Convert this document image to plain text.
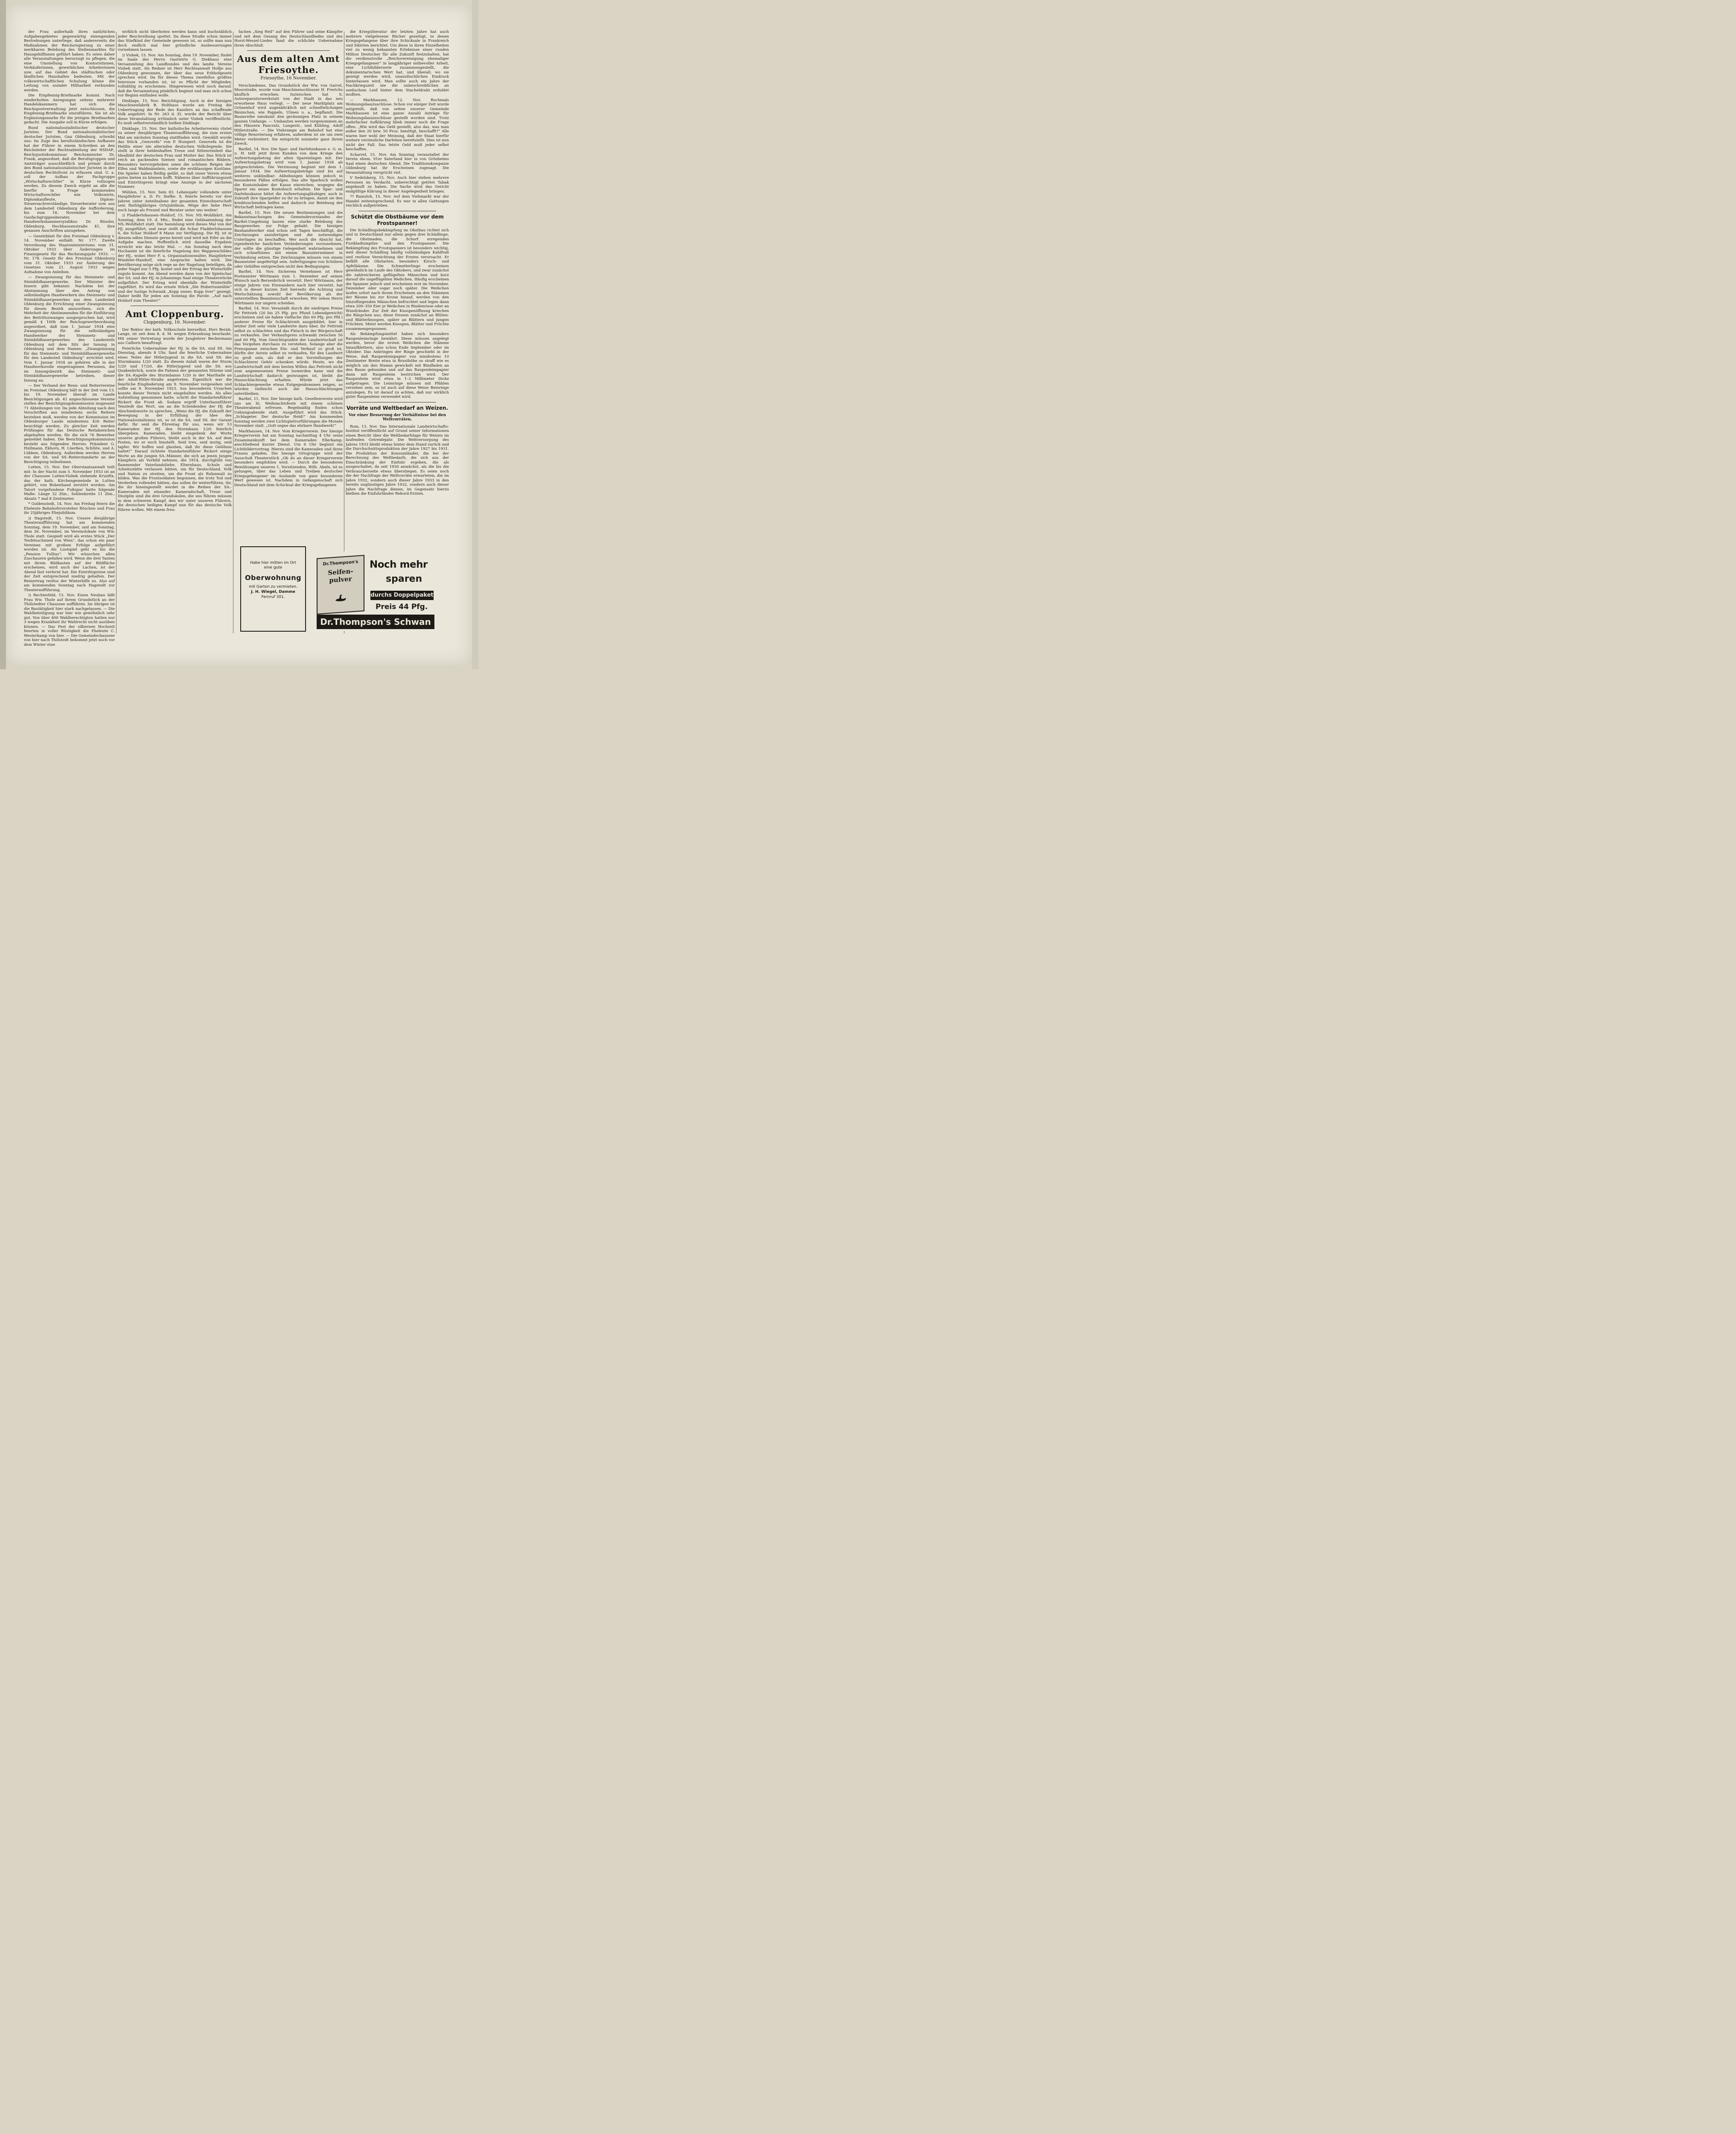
der Frau außerhalb ihres natürlichen Aufgabengebietes gegenwärtig einengenden Bestrebungen unterliege, daß andererseits die Maßnahmen der Reichsregierung zu einer merkbaren Belebung des Stellenmarktes für Hausgehilfinnen geführt haben. Es seien daher alle Veranstaltungen bevorzugt zu pflegen, die eine Umstellung von Kontoristinnen, Verkäuferinnen, gewerblichen Arbeiterinnen usw. auf das Gebiet des städtischen oder ländlichen Haushaltes bedeuten. Mit der volkswirtschaftlichen Schulung könne die Leitung von sozialer Hilfsarbeit verbunden werden.

Die Einpfennig-Briefmarke kommt. Nach wiederholten Anregungen seitens mehrerer Handelskammern hat sich die Reichspostverwaltung jetzt entschlossen, die Einpfennig-Briefmarke einzuführen. Sie ist als Ergänzungsmarke für die jetzigen Briefmarken gedacht. Die Ausgabe soll in Kürze erfolgen.

Bund nationalsozialistischer deutscher Juristen. Der Bund nationalsozialistischer deutscher Juristen, Gau Oldenburg, schreibt uns: Im Zuge des berufsständischen Aufbaues hat der Führer in einem Schreiben an den Reichsleiter der Rechtsabteilung der NSDAP., Reichsjustizkommissar Reichsminister Dr. Frank, angeordnet, daß die Berufsgruppen und Amtsträger ausschließlich und primär durch den Bund nationalsozialistischer Juristen in der deutschen Rechtsfront zu erfassen sind. U. a. soll der Aufbau der Fachgruppe „Wirtschaftsrechtler“ in Kürze vollzogen werden. Zu diesem Zweck ergeht an alle die hierfür in Frage kommenden Wirtschaftsrechtler wie Volkswirte, Diplomkaufleute, Diplom-Steuersachverständige, Steuerberater usw. aus dem Landesteil Oldenburg die Aufforderung, bis zum 16. November bei dem Gaufachgruppenberater, Handwerkskammersyndikus Dr. Rössler, Oldenburg, Hochhausenstraße 41, ihre genauen Anschriften anzugeben.

— Gesetzblatt für den Freistaat Oldenburg v. 14. November enthält: Nr. 177. Zweite Verordnung des Staatsministeriums vom 31. Oktober 1933 über Änderungen im Finanzgesetz für das Rechnungsjahr 1933. — Nr. 178. Gesetz für den Freistaat Oldenburg vom 31. Oktober 1933 zur Änderung des Gesetzes vom 21. August 1933 wegen Aufnahme von Anleihen.

— Zwangsinnung für das Steinmetz- und Steinbildhauergewerbe. Der Minister des Innern gibt bekannt: Nachdem bei der Abstimmung über den Antrag von selbständigen Handwerkern des Steinmetz- und Steinbildhauergewerbes aus dem Landesteil Oldenburg die Errichtung einer Zwangsinnung für diesen Bezirk anzuordnen, sich die Mehrheit der Abstimmenden für die Einführung des Beitrittszwanges ausgesprochen hat, wird gemäß § 100b der Reichsgewerbeordnung angeordnet, daß zum 1. Januar 1934 eine Zwangsinnung für die selbständigen Handwerker des Steinmetz- und Steinbildhauergewerbes des Landesteils Oldenburg mit dem Sitz der Innung in Oldenburg und dem Namen: „Zwangsinnung für das Steinmetz- und Steinbildhauergewerbe für den Landesteil Oldenburg“ errichtet wird. Vom 1. Januar 1934 an gehören alle in der Handwerksrolle eingetragenen Personen, die im Innungsbezirk das Steinmetz- und Steinbildhauergewerbe betreiben, dieser Innung an.

— Der Verband der Renn- und Reitervereine im Freistaat Oldenburg hält in der Zeit vom 13. bis 19. November überall im Lande Besichtigungen ab. 41 angeschlossene Vereine stellen der Besichtigungskommission insgesamt 71 Abteilungen vor. Da jede Abteilung nach den Vorschriften aus mindestens sechs Reitern bestehen muß, werden von der Kommission im Oldenburger Lande mindestens 426 Reiter besichtigt werden. Zu gleicher Zeit werden Prüfungen für das Deutsche Reitabzeichen abgehalten werden, für die sich 76 Bewerber gemeldet haben. Die Besichtigungskommission besteht aus folgenden Herren: Präsident G. Hullmann, Ekhorn, H. Lüerßen, Schlüte, und A. Lübben, Oldenburg. Außerdem werden Herren von der SA. und SS.-Reiterstandarte an der Besichtigung teilnehmen.

Lutten, 15. Nov. Der Oberstaatsanwalt teilt mit: In der Nacht zum 5. November 1933 ist an der Chaussee Lutten-Visbek stehende Kruzifix, das der kath. Kirchengemeinde in Lutten gehört, von Bubenhand zerstört worden. Am Tatort vorgefundene Fußspur hatte folgende Maße: Länge 32 Ztm., Sohlenbreite 11 Ztm., Absatz 7 mal 8 Zentimeter.

* Goldenstedt, 14. Nov. Am Freitag feiern die Eheleute Bahnhofsvorsteher Röschen und Frau ihr 25jähriges Ehejubiläum.

)) Hagstedt, 15. Nov. Unsere diesjährige Theateraufführung hat am kommenden Sonntag, dem 19. November, und am Sonntag, dem 26. November, im Vereinslokale von Ww. Thole statt. Gespielt wird als erstes Stück „Der Teufelsschmied von Wien“, das schon ein paar Vereinen mit großem Erfolge aufgeführt worden ist. Als Lustspiel geht es bis die „Pension Tullius“. Wir wünschen allen Zuschauern gefallen wird. Wenn die drei Tanten mit ihrem Bildkasten auf der Bildfläche erscheinen, wird auch der Lachen, ist der Abend fast verlernt hat. Die Eintrittspreise sind der Zeit entsprechend niedrig gehalten. Der Reinertrag restlos der Winterhilfe zu. Also auf am kommenden Sonntag nach Hagstedt zur Theateraufführung.

)) Rechterfeld, 15. Nov. Einen Neubau läßt Frau Ww. Thole auf ihrem Grundstück an der Thölstedter Chaussee aufführen. Im übrigen ist die Bautätigkeit hier stark nachgelassen. — Die Wahlbeteiligung war hier wie gewöhnlich sehr gut. Von über 400 Wahlberechtigten hatten nur 3 wegen Krankheit ihr Wahlrecht nicht ausüben können. — Das Fest der silbernen Hochzeit feierten in voller Rüstigkeit die Eheleute C. Westerkamp von hier. — Die Gemeindechaussee von hier nach Thölstedt bekommt jetzt noch vor dem Winter eine

wirklich nicht überboten werden kann und buchstäblich jeder Beschreibung spottet. Da diese Straße schon immer das Stiefkind der Gemeinde gewesen ist, so sollte man nun doch endlich mal hier gründliche Ausbesserungen vornehmen lassen.

)) Visbek, 15. Nov. Am Sonntag, dem 19. November, findet im Saale des Herrn Gastwirts G. Diekhaus eine Versammlung des Landbundes und des landw. Vereins Visbek statt. Als Redner ist Herr Rechtsanwalt Hollje aus Oldenburg gewonnen, der über das neue Erbhofgesetz sprechen wird. Da für dieses Thema zweifellos größtes Interesse vorhanden ist, ist es Pflicht der Mitglieder, vollzählig zu erscheinen. Hingewiesen wird noch darauf, daß die Versammlung pünktlich beginnt und man sich schon vor Beginn einfinden wolle.

Dinklage, 15. Nov. Berichtigung. Auch in der hiesigen Maschinenfabrik B. Holthaus wurde am Freitag die Uebertragung der Rede des Kanzlers an das schaffende Volk angehört. In Nr. 263 d. Zt. wurde der Bericht über diese Veranstaltung irrtümlich unter Visbek veröffentlicht. Es muß selbstverständlich heißen Dinklage.

Dinklage, 15. Nov. Der katholische Arbeiterverein rüstet zu seiner diesjährigen Theateraufführung, die zum ersten Mal am nächsten Sonntag stattfinden wird. Gewählt wurde das Stück „Genovefa“ von P. Humpert. Genovefa ist die Heldin einer nie alternden deutschen Volkslegende. Sie stellt in ihrer heldenhaften Treue und Sittenreinheit das Idealbild der deutschen Frau und Mutter dar. Das Stück ist reich an packenden Szenen und romantischen Bildern. Besonders hervorgehoben seien die schönen Reigen der Elfen und Waldmännlein, sowie die erstklassigen Kostüme. Die Spieler haben fleißig geübt, so daß unser Verein etwas gutes bieten zu können hofft. Näheres über Aufführungszeit und Eintrittspreis bringt eine Anzeige in der nächsten Nummer.

Mühlen, 15. Nov. Sein 83. Lebensjahr vollendete unter Hauptlehrer a. D. Fr. Siefke. S. feierte bereits vor drei Jahren unter Anteilnahme der gesamten Einwohnerschaft sein fünfzigjähriges Ortsjubiläum. Möge der liebe Herr noch lange als Freund und Berater unter uns weilen!

)) Fladderlohausen–Holdorf, 15. Nov. NS.-Wohlfahrt. Am Sonntag, dem 19. d. Mts., findet eine Geldsammlung der NS.-Wohlfahrt statt. Die Sammlung wird dieses Mal von der HJ. ausgeführt, und zwar stellt die Schar Fladderlohausen 6, die Schar Holdorf 8 Mann zur Verfügung. Die HJ. ist in diesem edlen Dienste gerne bereit und wird mit Eifer an die Aufgabe machen. Hoffentlich wird dasselbe Ergebnis erreicht wie das letzte Mal. — Am Sonntag nach dem Hochamte ist die feierliche Nagelung des Wappenschildes der HJ., wobei Herr F. u. Organisationswalter, Hauptlehrer Windeler-Handorf, eine Ansprache halten wird. Die Bevölkerung möge sich rege an der Nagelung beteiligen, da jeder Nagel nur 5 Pfg. kostet und der Ertrag der Winterhilfe zugute kommt. Am Abend werden dann von der Spielschar der SA. und der HJ. in Johannings Saal einige Theaterstücke aufgeführt. Der Ertrag wird ebenfalls der Winterhilfe zugeführt. Es wird das ernste Stück „Die Hubertusmühle“ und der lustige Schwank „Kopp unner, Kopp över“ gezeigt. Daher heißt für jeden am Sonntag die Parole: „Auf nach Holdorf zum Theater!“

Amt Cloppenburg.
Cloppenburg, 16. November.

Der Rektor der kath. Volksschule hierselbst, Herr Bernh. Lange, ist seit dem 8. d. M. wegen Erkrankung beurlaubt. Mit seiner Vertretung wurde der Junglehrer Beckermann aus Calhorn beauftragt.

Feierliche Uebernahme der HJ. in die SA. und SS. Am Dienstag, abends 8 Uhr, fand die feierliche Uebernahme eines Teiles der Hitlerjugend in die SA. und SS. des Sturmbanns 1/20 statt. Zu diesem Anlaß waren der Sturm 1/20 und 17/20, die Hitlerjugend und die SS. aus Quakenbrück, sowie die Fahnen der genannten Stürme und die SA.-Kapelle des Sturmbanns 1/20 in der Marthalle an der Adolf-Hitler-Straße angetreten. Eigentlich war die feierliche Eingliederung am 9. November vorgesehen und sollte am 9. November 1923. Aus besonderen Ursachen konnte dieser Termin nicht eingehalten werden. Als alles Aufstellung genommen hatte, schritt der Standartenführer Rickert die Front ab. Sodann ergriff Unterbannführer Tenstedt das Wort, um an die Scheidenden der HJ. die Abschiedsworte zu sprechen. „Wenn die HJ. die Zukunft der Bewegung in der Erfüllung der Idee des Nationalsozialismus ist, so ist die SA. und SS. der Garant dafür. Ihr seid die Ehrentag für uns, wenn wir 53 Kameraden der HJ. den Sturmbann 1/20 feierlich übergeben. Kameraden, bleibt eingedenk der Worte unseres großen Führers, bleibt auch in der SA. auf dem Posten, wo er euch hinstellt. Seid treu, seid mutig, seid tapfer. Wir hoffen und glauben, daß ihr diese Gelöbnis haltet!“ Darauf richtete Standartenführer Rickert einige Worte an die jungen SA.-Männer, die sich an jenen jungen Kämpfern als Vorbild nehmen, die 1914, durchglüht von flammender Vaterlandsliebe, Elternhaus, Schule und Arbeitsstätte verlassen hätten, um für Deutschland, Volk und Nation zu streiten, um die Front als Ruhmwall zu bilden. Was die Frontsoldaten begonnen, die trotz Tod und Verderben vollendet hätten, das sollen ihr weiterführen, ihr, die ihr hineingestellt werdet in die Reihen der SA.-Kameraden mit einander. Kameradschaft, Treue und Disziplin sind die drei Grundsäulen, die uns führen müssen in dem schweren Kampf, den wir unter unseren Führern, die deutschen heiligen Kampf nun für das deutsche Volk führen wollen. Mit einem freu-

fachen „Sieg Heil“ auf den Führer und seine Kämpfer und mit dem Gesang des Deutschlandliedes und des Horst-Wessel-Liedes fand die schlichte Uebernahme ihren Abschluß.

Aus dem alten Amt Friesoythe.
Friesoythe, 16 November.

Verschiedenes. Das Grundstück der Ww. von Garrel, Moorstraße, wurde vom Maschinenschlosser H. Frerichs käuflich erworben. Inzwischen hat S. Autoreparaturwerkstatt von der Stadt in das neu erworbene Haus verlegt. — Der neue Marktplatz am Grünenhof wird augenblicklich mit schnellwüchsigen Bäumchen, wie Pappeln, Ulmen u. a., bepflanzt. Die Baumreihe umsäumt den geräumigen Platz in seinem ganzen Umfange. — Umbauten werden vorgenommen an den Häusern Pancratz, Langestr., und Kühling, Adolf Hitlerstraße. — Die Viehrampe am Bahnhof hat eine völlige Renovierung erfahren, außerdem ist sie um zwei Meter verbreitert. Sie entspricht nunmehr ganz ihrem Zweck.

Barßel, 14. Nov. Die Spar- und Darlehnskasse e. G. m. u. H. teilt jetzt ihren Kunden von dem Kriege den Aufwertungsbetrag der alten Spareinlagen mit. Der Aufwertungsbetrag wird vom 1. Januar 1934 ab gutgeschrieben. Die Verzinsung beginnt mit dem 1. Januar 1934. Die Aufwertungsbeträge sind bis auf weiteres unkündbar; Abhebungen können jedoch in besonderen Fällen erfolgen. Das alte Sparbuch wollen die Kontoinhaber der Kasse einreichen, wogegen die Sparer ein neues Kontobuch erhalten. Die Spar- und Darlehnskasse bittet die Aufwertungsgläubiger, auch in Zukunft ihre Spargelder zu ihr zu bringen, damit sie den kreditsuchenden helfen und dadurch zur Belebung der Wirtschaft beitragen kann.

Barßel, 15. Nov. Die neuen Bestimmungen und die Bekanntmachungen des Gemeindevorstandes der Barßel-Umgebung lassen eine starke Belebung des Baugewerbes zur Folge gehabt. Die hiesigen Bauhandwerker sind schon seit Tagen beschäftigt, die Zeichnungen anzufertigen und die notwendigen Unterlagen zu beschaffen. Wer noch die Absicht hat, irgendwelche baulichen Veränderungen vorzunehmen, der sollte die günstige Gelegenheit wahrnehmen und sich schnellstens mit einem Bauunternehmer in Verbindung setzen. Die Zeichnungen müssen von einem Baumeister angefertigt sein. Anfertigungen von Schülern oder Gehilfen entsprechen nicht den Bedingungen.

Barßel, 14. Nov. Sicherem Vernehmen ist Herr Postmeister Wörtmann zum 1. Dezember auf seinen Wunsch nach Bersenbrück versetzt. Herr Wörtmann, der einige Jahren von Einwandern nach hier versetzt, hat sich in dieser kurzen Zeit hierseits die Achtung und Wertschätzung sowohl der Bevölkerung als der unterstellten Beamtenschaft erworben. Wir sehen Herrn Wörtmann nur ungern scheiden.

Barßel, 14. Nov. Veranlaßt durch die niedrigen Preise für Fettvieh (20 bis 25 Pfg. pro Pfund Lebendgewicht) erscheinen und sie haben vielfache (bis 60 Pfg. pro Pfd.) anderer Preise für Schlachtvieh ausgebildet, hier in letzter Zeit sehr viele Landwirte dazu über, ihr Fettvieh selbst zu schlachten und das Fleisch in der Bürgerschaft zu verkaufen. Der Verkaufspreis schwankt zwischen 50 und 60 Pfg. Vom Gesichtspunkte der Landwirtschaft ist das Vorgehen durchaus zu verstehen. Solange aber die Preisspanne zwischen Ein- und Verkauf so groß ist, dürfte der Anreiz selbst zu verkaufen, für den Landwirt zu groß sein, als daß er den Vorstellungen der Schlachterei Gehör schenken würde. Heute, wo die Landwirtschaft mit dem besten Willen das Fettvieh nicht zum angemessenen Preise loswerden kann und die Landwirtschaft dadurch gezwungen ist, bleibt die Hausschlachtung erhalten. Würde jetzt das Schlachtergewerbe etwas Entgegenkommen zeigen, so würden vielleicht auch die Hausschlachtungen unterbleiben.

Barßel, 11. Nov. Der hiesige kath. Gesellenverein wird uns am hl. Weihnachtsfeste mit einem schönen Theaterabend erfreuen. Regelmäßig finden schon Uebungsabende statt. Ausgeführt wird das Stück: „Schlageter. Der deutsche Held!“ Am kommenden Sonntag werden zwei Lichtspielvorführungen die Monate November statt. „Gott segne das ehrbare Handwerk!“

Markhausen, 14. Nov. Vom Kriegerverein. Der hiesige Kriegerverein hat am Sonntag nachmittag 4 Uhr seine Zusammenkunft bei dem Kameraden Ellerkamp; anschließend kurzer Dienst. Um 6 Uhr beginnt ein Lichtbildervortrag. Hierzu sind die Kameraden und ihren Frauen geladen. Die hiesige Ortsgruppe wird der Ausschuß Theaterstück „Ob du an dieser Kriegerverein besonders empfohlen wird. — Durch die besonderen Bemühungen unseres 1. Vorsitzenden, Wilh. Abeln, ist es gelungen, über das Leben und Treiben deutscher Kriegsgefangener im Auslande von ganz besonderen Wert gewesen ist. Nachdem in Gefangenschaft sich Deutschland mit dem Schicksal der Kriegsgefangenen

die Kriegsliteratur der letzten Jahre hat auch mehrere vielgelesene Bücher gezeitigt, in denen Kriegsgefangene über ihre Schicksale in Frankreich und Sibirien berichtet. Um diese in ihren Einzelheiten viel zu wenig bekannten Erlebnisse einer runden Million Deutscher für alle Zukunft festzuhalten, hat die verdienstvolle „Reichsvereinigung ehemaliger Kriegsgefangener“ in langjähriger mühevoller Arbeit, eine Lichtbilderserie zusammengestellt, die dokumentarischen Wert hat, und überall, wo sie gezeigt werden wird, unauslöschlichen Eindruck hinterlassen wird. Man sollte auch ein Jahre der Nachkriegszeit nie die unbeschreiblichen an seelischem Leid hinter dem Stacheldraht erduldet mußten.

— Markhausen, 12. Nov. Rochmals Wohnungsbauzuschüsse. Schon vor einiger Zeit wurde mitgeteilt, daß von seiten unserer Gemeinde Markhausen ist eine ganze Anzahl Anträge für Wohnungsbauzuschüsse gestellt worden sind. Trotz mehrfacher Aufklärung blieb immer noch die Frage offen: „Wie wird das Geld gestellt, also das, was man außer den 20 bzw. 50 Proz. benötigt, beschafft?“ Alle waren hier wohl der Meinung, daß der Staat hierfür weitere verzinsliche Darlehen bereitstellt. Dies ist nun nicht der Fall. Das letzte Geld muß jeder selbst beschaffen.

Scharrel, 15. Nov. Am Sonntag veranstaltet der Verein ehem. 91er Saterland hier in von Grönheims Saal einen deutschen Abend. Die Traditionskompanie Oldenburg hat ihr Erscheinen zugesagt. Die Veranstaltung verspricht viel.

V Sedelsberg, 15. Nov. Auch hier stehen mehrere Personen im Verdacht, unberechtigt getötet Tabak angekauft zu haben. Die Sache wird das Gericht endgültige Klärung in dieser Angelegenheit bringen.

?? Ramsloh, 15. Nov. Auf dem Viehmarkt war der Handel zeitentsprechend. Es war in allen Gattungen reichlich aufgetrieben.

Schützt die Obstbäume vor dem Frostspanner!

Die Schädlingsbekämpfung im Obstbau richtet sich und in Deutschland nur allem gegen drei Schädlinge, die Obstmaden, die Schorf erregenden Fusikladiumpilze und den Frostspanner. Die Bekämpfung des Frostspanners ist besonders wichtig, weil dieser Schädling häufig vollständigen Kahlfraß und restlose Vernichtung der Ernten verursacht. Er befällt alle Obstarten, besonders Kirsch- und Apfelbäume. Die Schmetterlinge erscheinen gewöhnlich im Laufe des Oktobers, und zwar zunächst die zahlreicheren geflügelten Männchen und kurz darauf die ungeflügelten Weibchen. Häufig erscheinen die Spanner jedoch und erscheinen erst im November, Dezember oder sogar noch später. Die Weibchen laufen sofort nach ihrem Erscheinen an den Stämmen der Bäume bis zur Krone hinauf, werden von den hinzufliegenden Männchen befruchtet und legen dann etwa 200–350 Eier je Weibchen in Rindenrisse oder an Wundränder. Zur Zeit der Knospenöffnung kriechen die Räupchen aus; diese fressen zunächst an Blüten- und Blätterknospen, später an Blättern und jungen Früchten. Meist werden Knospen, Blätter und Früchte zusammengesponnen.

Als Bekämpfungsmittel haben sich besonders Raupenleimringe bewährt. Diese müssen angelegt werden, bevor die ersten Weibchen die Stämme hinaufklettern, also schon Ende September oder im Oktober. Das Anbringen der Ringe geschieht in der Weise, daß Raupenleimpapier von mindestens 10 Zentimeter Breite etwa in Brusthöhe so straff wie es möglich um den Stamm gewickelt mit Bindfaden an den Baum gebunden und auf das Raupenleimpapier dann mit Raupenleim bestrichen wird. Der Raupenleim wird etwa in 1–2 Millimeter Dicke aufgetragen. Die Leimringe müssen mit Pfählen versehen sein, so ist auch auf diese Weise Beinringe anzulegen. Es ist darauf zu achten, daß nur wirklich guter Raupenleim verwendet wird.

Vorräte und Weltbedarf an Weizen.
Vor einer Besserung der Verhältnisse bei den Weltvorräten.

Rom, 13. Nov. Das Internationale Landwirtschafts-Institut veröffentlicht auf Grund seiner Informationen einen Bericht über die Weltbedarfslage für Weizen im laufenden Getreidejahr. Die Weltversorgung des Jahres 1933 bleibt etwas hinter dem Stand zurück und die Durchschnittsproduktion der Jahre 1927 bis 1931. Die Produktion der Konsumländer, die bei der Berechnung des Weltbedarfs, die sich aus der Einschränkung der Einfuhr ergeben, die als ausgeschaltet, da seit 1930 anwächst, als die bis die Verbraucherseite etwas überstiegen. Es seien noch die der Nachfrage der Weltvorräte erwarteten, die im Jahre 1932, sondern auch dieser Jahre 1933 in den bereits ungünstigen Jahre 1932, sondern auch dieser Jahre die Nachfrage dienen, im Gegensatz hierzu bleiben die Einfuhrländer Rekord-Ernten.

Habe hier mitten im Ort
eine gute
Oberwohnung
mit Garten zu vermieten.
J. H. Wiegel, Damme
Fernruf 301.
Dr.Thompson's
Seifen-pulver
Noch mehr
sparen
durchs Doppelpaket
Preis 44 Pfg.
Dr.Thompson's Schwan
